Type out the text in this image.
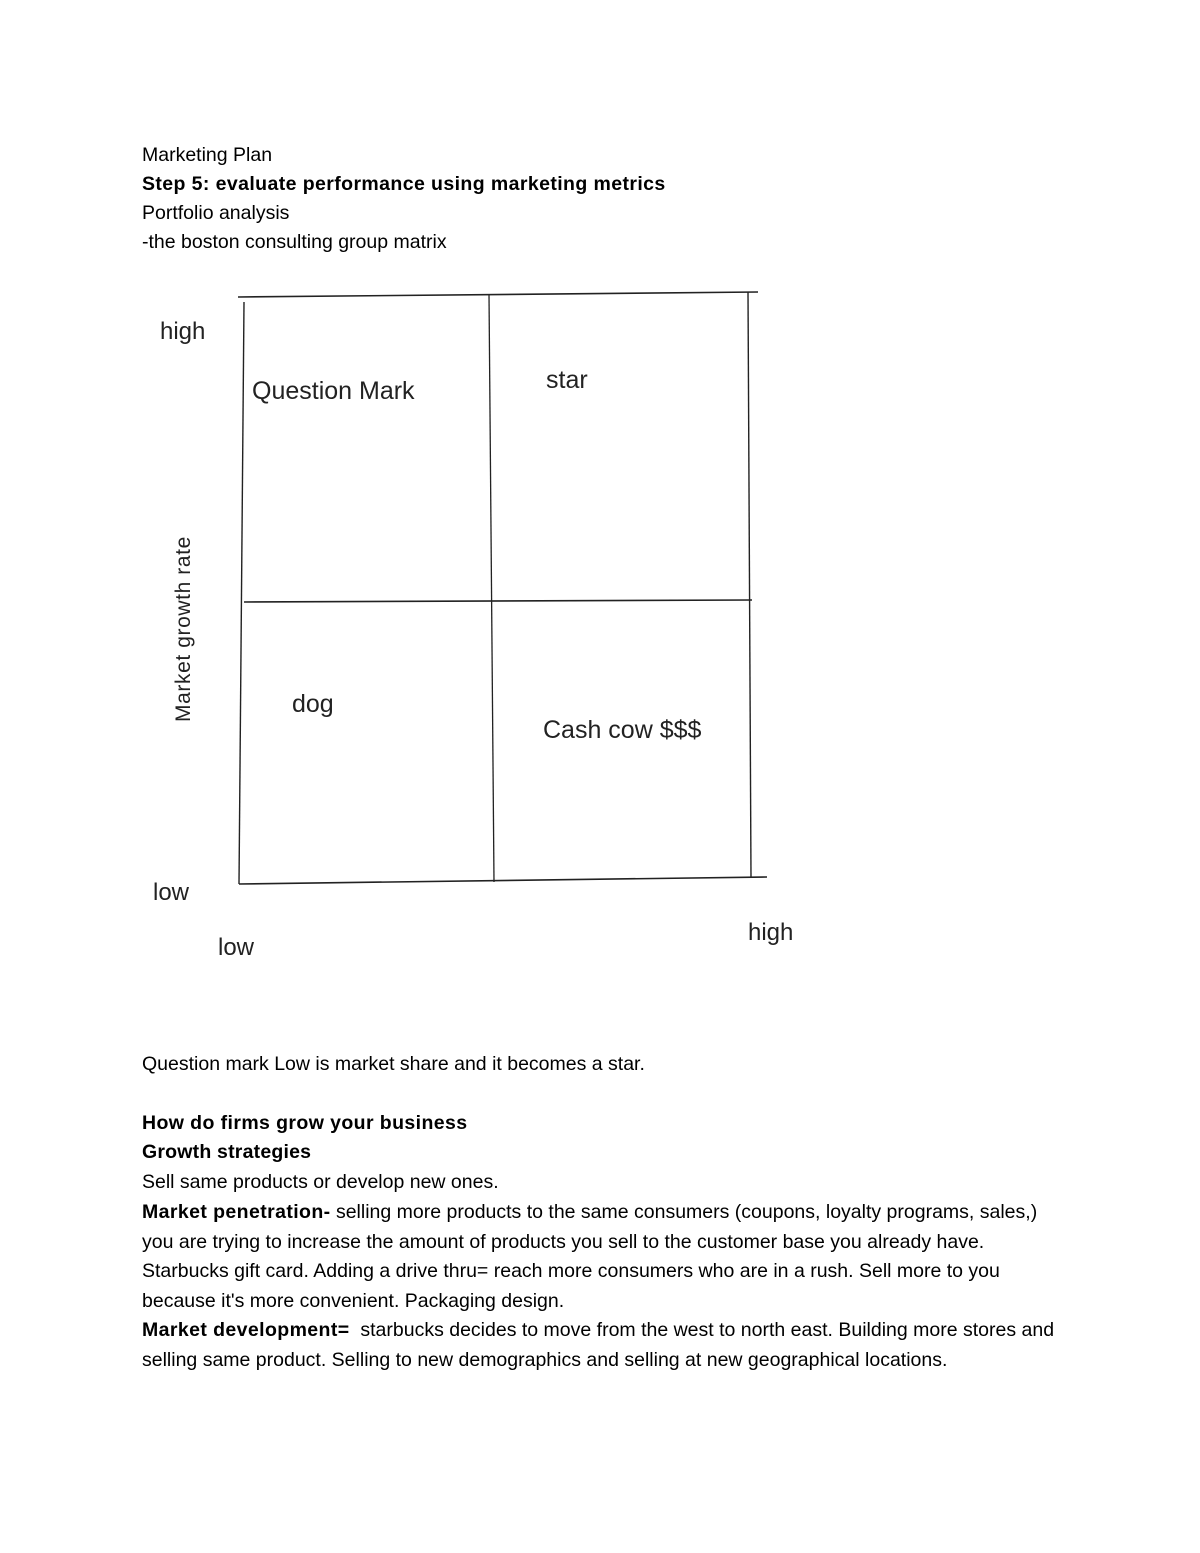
Marketing Plan
Step 5: evaluate performance using marketing metrics
Portfolio analysis
-the boston consulting group matrix
high
low
low
high
Market growth rate
Question Mark	star
dog
Cash cow $$$
Question mark Low is market share and it becomes a star.
How do firms grow your business
Growth strategies
Sell same products or develop new ones.
Market penetration- selling more products to the same consumers (coupons, loyalty programs, sales,) you are trying to increase the amount of products you sell to the customer base you already have. Starbucks gift card. Adding a drive thru= reach more consumers who are in a rush. Sell more to you because it's more convenient. Packaging design.
Market development=  starbucks decides to move from the west to north east. Building more stores and selling same product. Selling to new demographics and selling at new geographical locations.
